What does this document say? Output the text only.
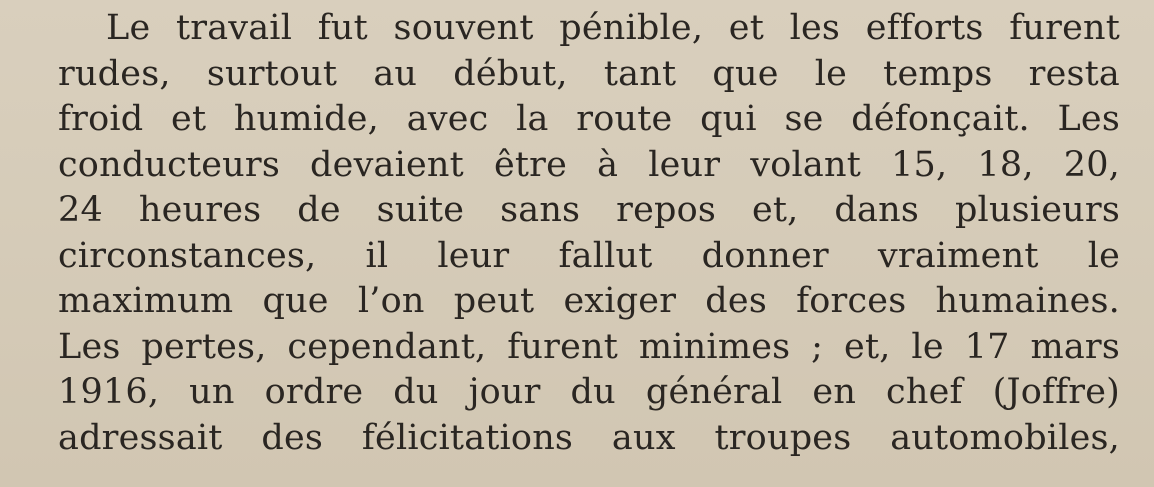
Le travail fut souvent pénible, et les efforts furent
rudes, surtout au début, tant que le temps resta
froid et humide, avec la route qui se défonçait. Les
conducteurs devaient être à leur volant 15, 18, 20,
24 heures de suite sans repos et, dans plusieurs
circonstances, il leur fallut donner vraiment le
maximum que l’on peut exiger des forces humaines.
Les pertes, cependant, furent minimes ; et, le 17 mars
1916, un ordre du jour du général en chef (Joffre)
adressait des félicitations aux troupes automobiles,
